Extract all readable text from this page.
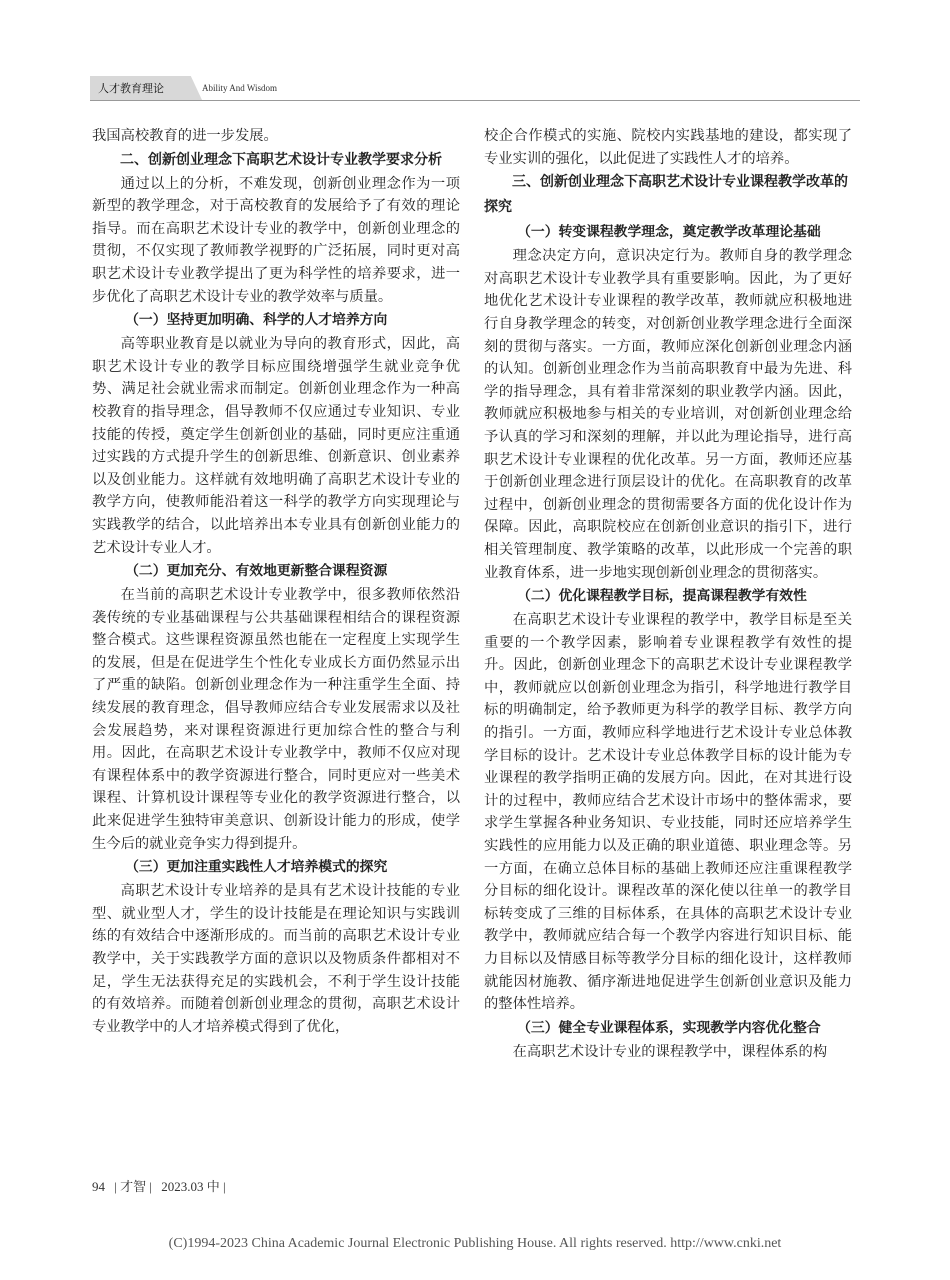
人才教育理论	Ability And Wisdom

我国高校教育的进一步发展。

二、创新创业理念下高职艺术设计专业教学要求分析

通过以上的分析，不难发现，创新创业理念作为一项新型的教学理念，对于高校教育的发展给予了有效的理论指导。而在高职艺术设计专业的教学中，创新创业理念的贯彻，不仅实现了教师教学视野的广泛拓展，同时更对高职艺术设计专业教学提出了更为科学性的培养要求，进一步优化了高职艺术设计专业的教学效率与质量。

（一）坚持更加明确、科学的人才培养方向

高等职业教育是以就业为导向的教育形式，因此，高职艺术设计专业的教学目标应围绕增强学生就业竞争优势、满足社会就业需求而制定。创新创业理念作为一种高校教育的指导理念，倡导教师不仅应通过专业知识、专业技能的传授，奠定学生创新创业的基础，同时更应注重通过实践的方式提升学生的创新思维、创新意识、创业素养以及创业能力。这样就有效地明确了高职艺术设计专业的教学方向，使教师能沿着这一科学的教学方向实现理论与实践教学的结合，以此培养出本专业具有创新创业能力的艺术设计专业人才。

（二）更加充分、有效地更新整合课程资源

在当前的高职艺术设计专业教学中，很多教师依然沿袭传统的专业基础课程与公共基础课程相结合的课程资源整合模式。这些课程资源虽然也能在一定程度上实现学生的发展，但是在促进学生个性化专业成长方面仍然显示出了严重的缺陷。创新创业理念作为一种注重学生全面、持续发展的教育理念，倡导教师应结合专业发展需求以及社会发展趋势，来对课程资源进行更加综合性的整合与利用。因此，在高职艺术设计专业教学中，教师不仅应对现有课程体系中的教学资源进行整合，同时更应对一些美术课程、计算机设计课程等专业化的教学资源进行整合，以此来促进学生独特审美意识、创新设计能力的形成，使学生今后的就业竞争实力得到提升。

（三）更加注重实践性人才培养模式的探究

高职艺术设计专业培养的是具有艺术设计技能的专业型、就业型人才，学生的设计技能是在理论知识与实践训练的有效结合中逐渐形成的。而当前的高职艺术设计专业教学中，关于实践教学方面的意识以及物质条件都相对不足，学生无法获得充足的实践机会，不利于学生设计技能的有效培养。而随着创新创业理念的贯彻，高职艺术设计专业教学中的人才培养模式得到了优化，

校企合作模式的实施、院校内实践基地的建设，都实现了专业实训的强化，以此促进了实践性人才的培养。

三、创新创业理念下高职艺术设计专业课程教学改革的探究
（一）转变课程教学理念，奠定教学改革理论基础

理念决定方向，意识决定行为。教师自身的教学理念对高职艺术设计专业教学具有重要影响。因此，为了更好地优化艺术设计专业课程的教学改革，教师就应积极地进行自身教学理念的转变，对创新创业教学理念进行全面深刻的贯彻与落实。一方面，教师应深化创新创业理念内涵的认知。创新创业理念作为当前高职教育中最为先进、科学的指导理念，具有着非常深刻的职业教学内涵。因此，教师就应积极地参与相关的专业培训，对创新创业理念给予认真的学习和深刻的理解，并以此为理论指导，进行高职艺术设计专业课程的优化改革。另一方面，教师还应基于创新创业理念进行顶层设计的优化。在高职教育的改革过程中，创新创业理念的贯彻需要各方面的优化设计作为保障。因此，高职院校应在创新创业意识的指引下，进行相关管理制度、教学策略的改革，以此形成一个完善的职业教育体系，进一步地实现创新创业理念的贯彻落实。

（二）优化课程教学目标，提高课程教学有效性

在高职艺术设计专业课程的教学中，教学目标是至关重要的一个教学因素，影响着专业课程教学有效性的提升。因此，创新创业理念下的高职艺术设计专业课程教学中，教师就应以创新创业理念为指引，科学地进行教学目标的明确制定，给予教师更为科学的教学目标、教学方向的指引。一方面，教师应科学地进行艺术设计专业总体教学目标的设计。艺术设计专业总体教学目标的设计能为专业课程的教学指明正确的发展方向。因此，在对其进行设计的过程中，教师应结合艺术设计市场中的整体需求，要求学生掌握各种业务知识、专业技能，同时还应培养学生实践性的应用能力以及正确的职业道德、职业理念等。另一方面，在确立总体目标的基础上教师还应注重课程教学分目标的细化设计。课程改革的深化使以往单一的教学目标转变成了三维的目标体系，在具体的高职艺术设计专业教学中，教师就应结合每一个教学内容进行知识目标、能力目标以及情感目标等教学分目标的细化设计，这样教师就能因材施教、循序渐进地促进学生创新创业意识及能力的整体性培养。

（三）健全专业课程体系，实现教学内容优化整合

在高职艺术设计专业的课程教学中，课程体系的构

94 | 才智 | 2023.03 中 |
(C)1994-2023 China Academic Journal Electronic Publishing House. All rights reserved. http://www.cnki.net
